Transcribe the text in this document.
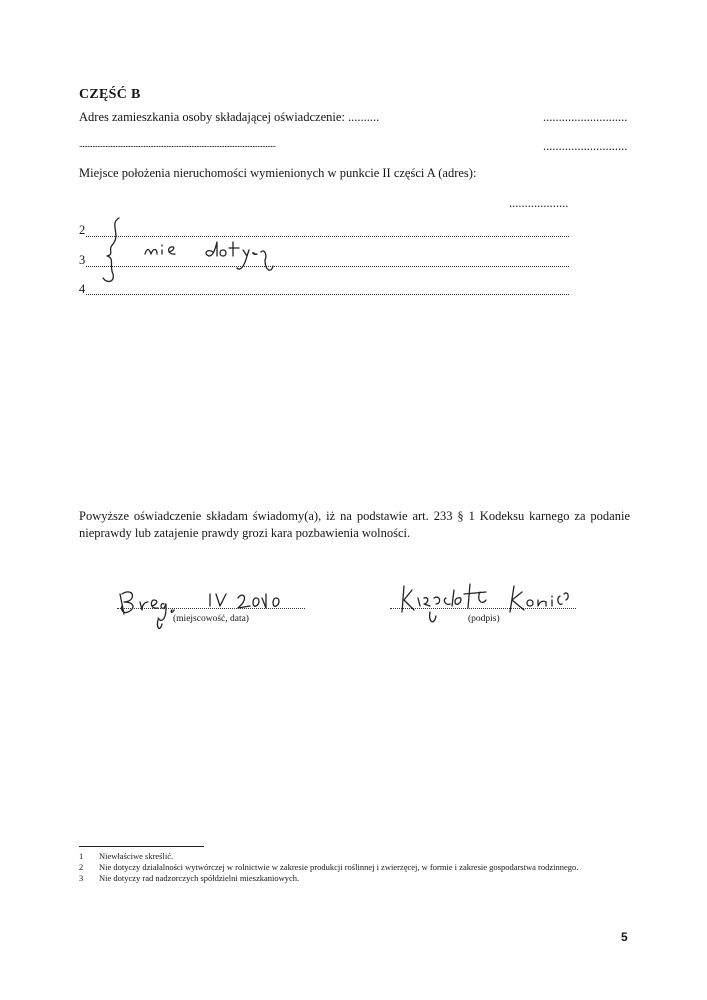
CZĘŚĆ B
Adres zamieszkania osoby składającej oświadczenie: ..........	...........................
.......................................................................................................................	...........................
Miejsce położenia nieruchomości wymienionych w punkcie II części A (adres):
...................
2
3
4
Powyższe oświadczenie składam świadomy(a), iż na podstawie art. 233 § 1 Kodeksu karnego za podanie nieprawdy lub zatajenie prawdy grozi kara pozbawienia wolności.
(miejscowość, data)	(podpis)
1 Niewłaściwe skreślić.
2 Nie dotyczy działalności wytwórczej w rolnictwie w zakresie produkcji roślinnej i zwierzęcej, w formie i zakresie gospodarstwa rodzinnego.
3 Nie dotyczy rad nadzorczych spółdzielni mieszkaniowych.
5
